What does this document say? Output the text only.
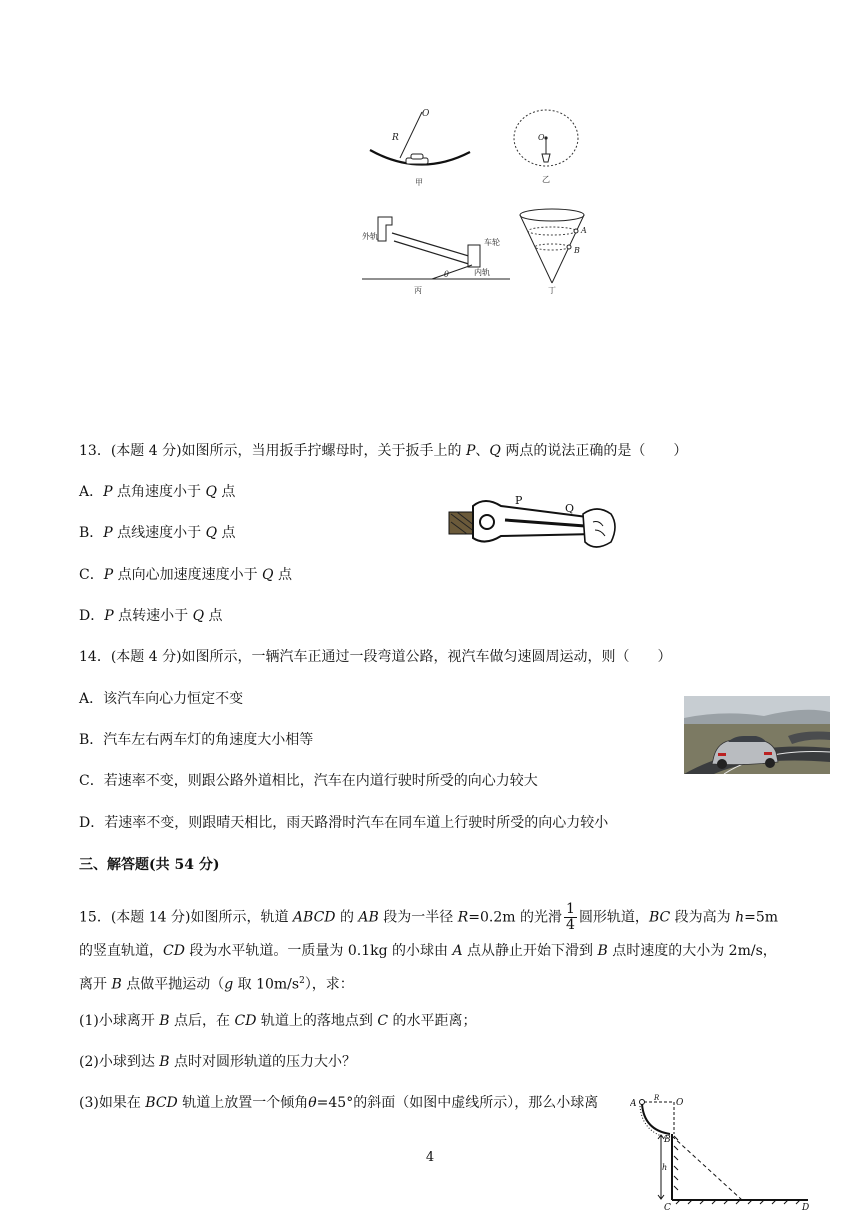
O
R
甲
O
乙
外轨
车轮
内轨
θ
丙
A
B
丁
13．(本题 4 分)如图所示，当用扳手拧螺母时，关于扳手上的 P、Q 两点的说法正确的是（　　）
A．P 点角速度小于 Q 点
B．P 点线速度小于 Q 点
C．P 点向心加速度速度小于 Q 点
D．P 点转速小于 Q 点
P
Q
14．(本题 4 分)如图所示，一辆汽车正通过一段弯道公路，视汽车做匀速圆周运动，则（　　）
A．该汽车向心力恒定不变
B．汽车左右两车灯的角速度大小相等
C．若速率不变，则跟公路外道相比，汽车在内道行驶时所受的向心力较大
D．若速率不变，则跟晴天相比，雨天路滑时汽车在同车道上行驶时所受的向心力较小
三、解答题(共 54 分)
15．(本题 14 分)如图所示，轨道 ABCD 的 AB 段为一半径 R=0.2m 的光滑 $\frac{1}{4}$ 圆形轨道，BC 段为高为 h=5m
的竖直轨道，CD 段为水平轨道。一质量为 0.1kg 的小球由 A 点从静止开始下滑到 B 点时速度的大小为 2m/s，
离开 B 点做平抛运动（g 取 $10m/s^2$），求：
(1)小球离开 B 点后，在 CD 轨道上的落地点到 C 的水平距离；
(2)小球到达 B 点时对圆形轨道的压力大小？
(3)如果在 BCD 轨道上放置一个倾角θ=45°的斜面（如图中虚线所示），那么小球离	A
R O
B
h
C	D
4
